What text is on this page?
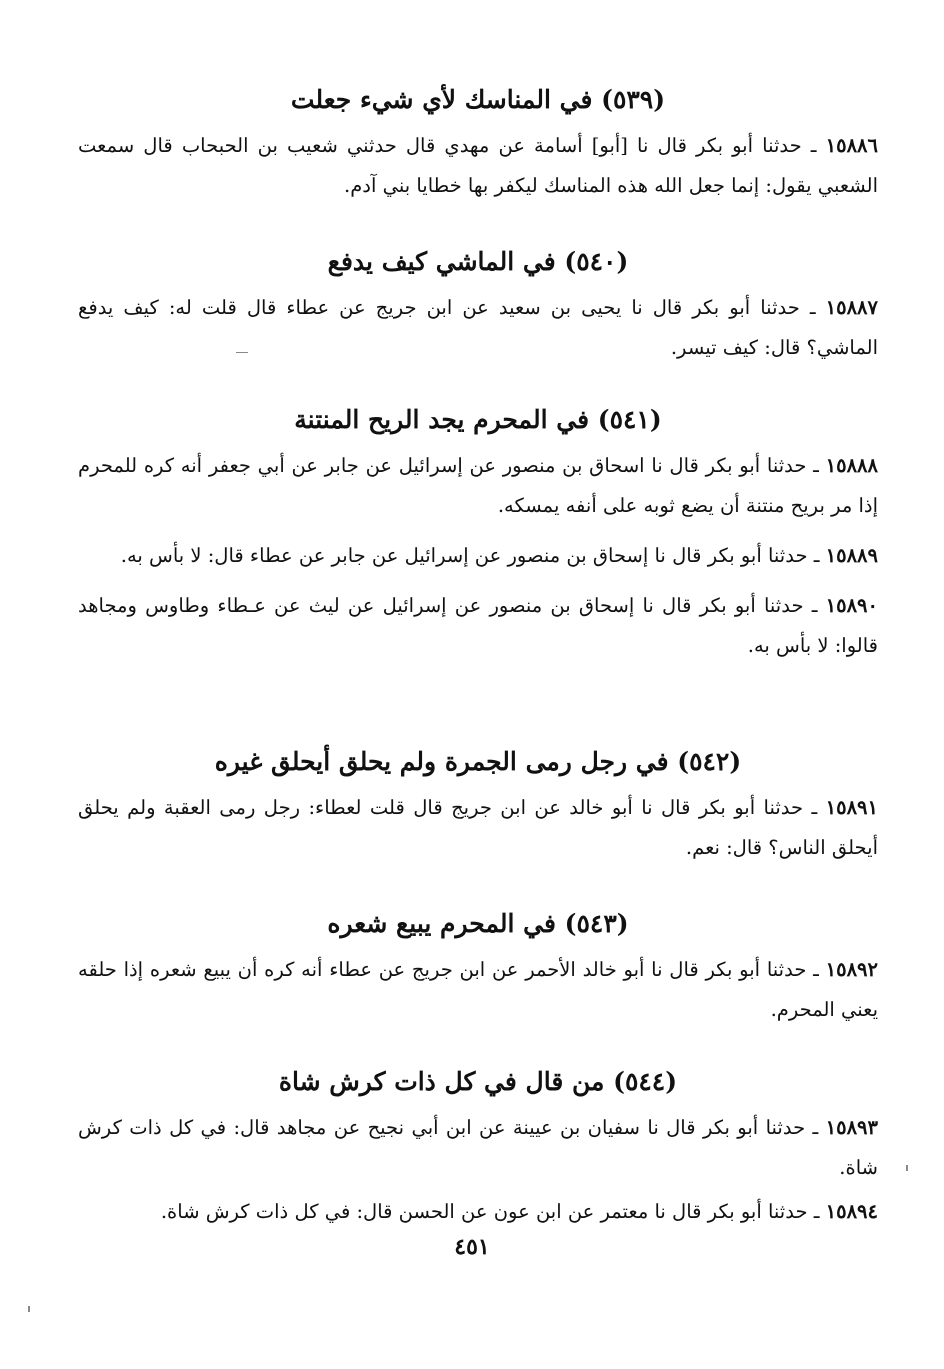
(٥٣٩) في المناسك لأي شيء جعلت

١٥٨٨٦ ـ حدثنا أبو بكر قال نا [أبو] أسامة عن مهدي قال حدثني شعيب بن الحبحاب قال سمعت الشعبي يقول: إنما جعل الله هذه المناسك ليكفر بها خطايا بني آدم.

(٥٤٠) في الماشي كيف يدفع

١٥٨٨٧ ـ حدثنا أبو بكر قال نا يحيى بن سعيد عن ابن جريج عن عطاء قال قلت له: كيف يدفع الماشي؟ قال: كيف تيسر.

(٥٤١) في المحرم يجد الريح المنتنة

١٥٨٨٨ ـ حدثنا أبو بكر قال نا اسحاق بن منصور عن إسرائيل عن جابر عن أبي جعفر أنه كره للمحرم إذا مر بريح منتنة أن يضع ثوبه على أنفه يمسكه.

١٥٨٨٩ ـ حدثنا أبو بكر قال نا إسحاق بن منصور عن إسرائيل عن جابر عن عطاء قال: لا بأس به.

١٥٨٩٠ ـ حدثنا أبو بكر قال نا إسحاق بن منصور عن إسرائيل عن ليث عن عـطاء وطاوس ومجاهد قالوا: لا بأس به.

(٥٤٢) في رجل رمى الجمرة ولم يحلق أيحلق غيره

١٥٨٩١ ـ حدثنا أبو بكر قال نا أبو خالد عن ابن جريج قال قلت لعطاء: رجل رمى العقبة ولم يحلق أيحلق الناس؟ قال: نعم.

(٥٤٣) في المحرم يبيع شعره

١٥٨٩٢ ـ حدثنا أبو بكر قال نا أبو خالد الأحمر عن ابن جريج عن عطاء أنه كره أن يبيع شعره إذا حلقه يعني المحرم.

(٥٤٤) من قال في كل ذات كرش شاة

١٥٨٩٣ ـ حدثنا أبو بكر قال نا سفيان بن عيينة عن ابن أبي نجيح عن مجاهد قال: في كل ذات كرش شاة.

١٥٨٩٤ ـ حدثنا أبو بكر قال نا معتمر عن ابن عون عن الحسن قال: في كل ذات كرش شاة.

٤٥١
